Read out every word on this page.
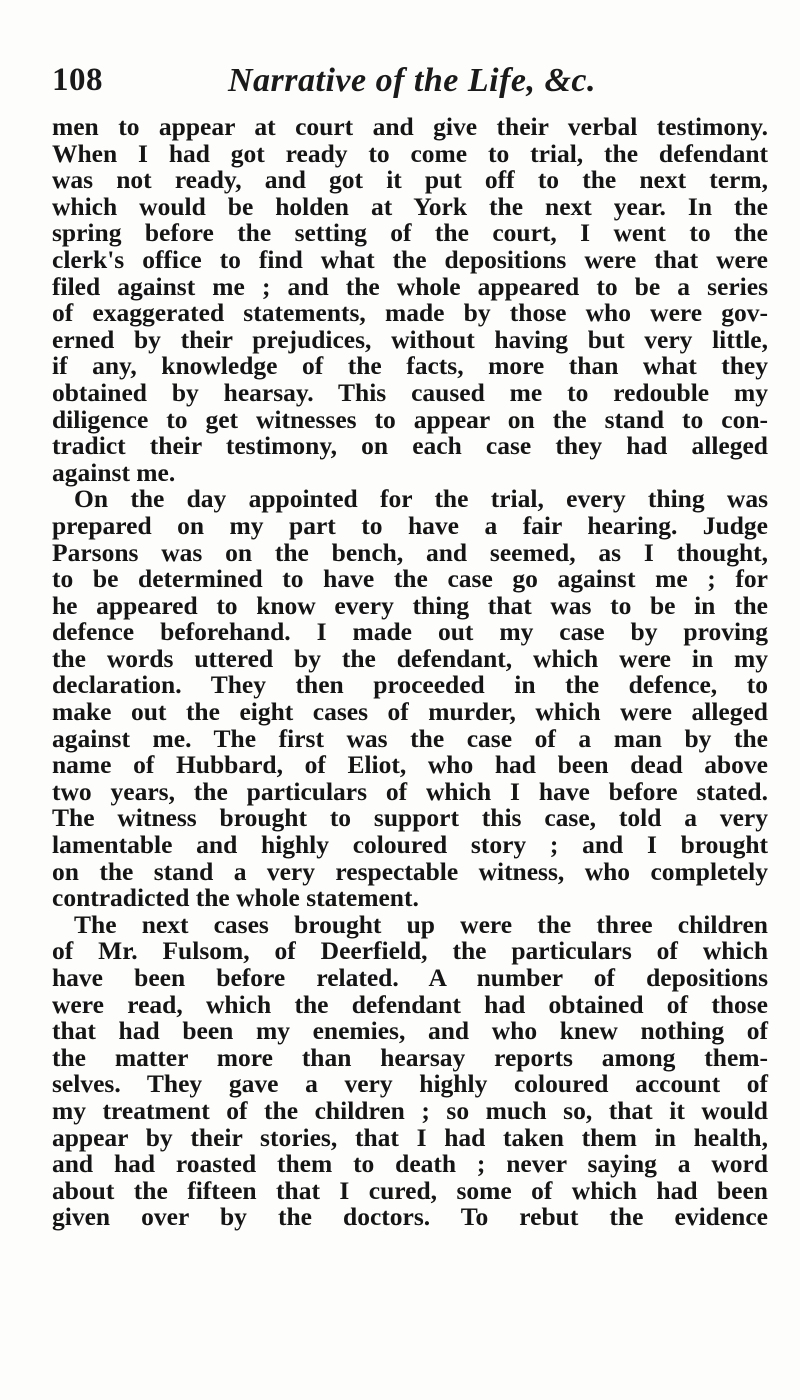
108	Narrative of the Life, &c.
men to appear at court and give their verbal testimony.
When I had got ready to come to trial, the defendant
was not ready, and got it put off to the next term,
which would be holden at York the next year. In the
spring before the setting of the court, I went to the
clerk's office to find what the depositions were that were
filed against me ; and the whole appeared to be a series
of exaggerated statements, made by those who were gov-
erned by their prejudices, without having but very little,
if any, knowledge of the facts, more than what they
obtained by hearsay. This caused me to redouble my
diligence to get witnesses to appear on the stand to con-
tradict their testimony, on each case they had alleged
against me.
On the day appointed for the trial, every thing was
prepared on my part to have a fair hearing. Judge
Parsons was on the bench, and seemed, as I thought,
to be determined to have the case go against me ; for
he appeared to know every thing that was to be in the
defence beforehand. I made out my case by proving
the words uttered by the defendant, which were in my
declaration. They then proceeded in the defence, to
make out the eight cases of murder, which were alleged
against me. The first was the case of a man by the
name of Hubbard, of Eliot, who had been dead above
two years, the particulars of which I have before stated.
The witness brought to support this case, told a very
lamentable and highly coloured story ; and I brought
on the stand a very respectable witness, who completely
contradicted the whole statement.
The next cases brought up were the three children
of Mr. Fulsom, of Deerfield, the particulars of which
have been before related. A number of depositions
were read, which the defendant had obtained of those
that had been my enemies, and who knew nothing of
the matter more than hearsay reports among them-
selves. They gave a very highly coloured account of
my treatment of the children ; so much so, that it would
appear by their stories, that I had taken them in health,
and had roasted them to death ; never saying a word
about the fifteen that I cured, some of which had been
given over by the doctors. To rebut the evidence
